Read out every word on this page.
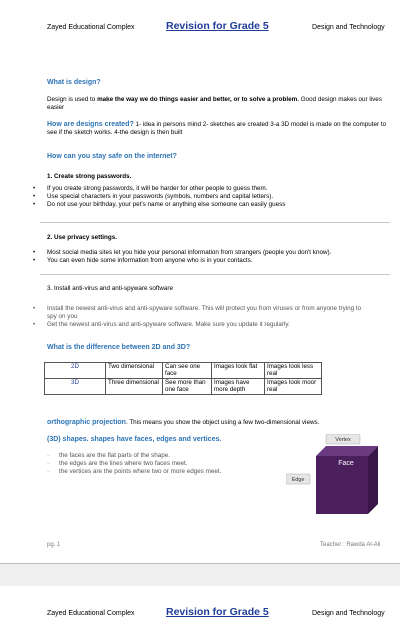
Zayed Educational Complex	Revision for Grade 5	Design and Technology
What is design?
Design is used to make the way we do things easier and better, or to solve a problem. Good design makes our lives easier
How are designs created? 1- idea in persons mind 2- sketches are created 3-a 3D model is made on the computer to see if the sketch works. 4-the design is then built
How can you stay safe on the internet?
1. Create strong passwords.
• If you create strong passwords, it will be harder for other people to guess them.
• Use special characters in your passwords (symbols, numbers and capital letters).
• Do not use your birthday, your pet's name or anything else someone can easily guess
2. Use privacy settings.
• Most social media sites let you hide your personal information from strangers (people you don't know).
• You can even hide some information from anyone who is in your contacts.
3. Install anti-virus and anti-spyware software
• Install the newest anti-virus and anti-spyware software. This will protect you from viruses or from anyone trying to spy on you
• Get the newest anti-virus and anti-spyware software. Make sure you update it regularly.
What is the difference between 2D and 3D?
2D	Two dimensional	Can see one face	Images look flat	Images look less real
3D	Three dimensional	See more than one face	Images have more depth	Images look moor real
orthographic projection. This means you show the object using a few two-dimensional views.
(3D) shapes. shapes have faces, edges and vertices.
· the faces are the flat parts of the shape.
· the edges are the lines where two faces meet.
· the vertices are the points where two or more edges meet.
Vertex
Face
Edge
pg. 1	Teacher : Rawda Al-Ali
Zayed Educational Complex	Revision for Grade 5	Design and Technology
